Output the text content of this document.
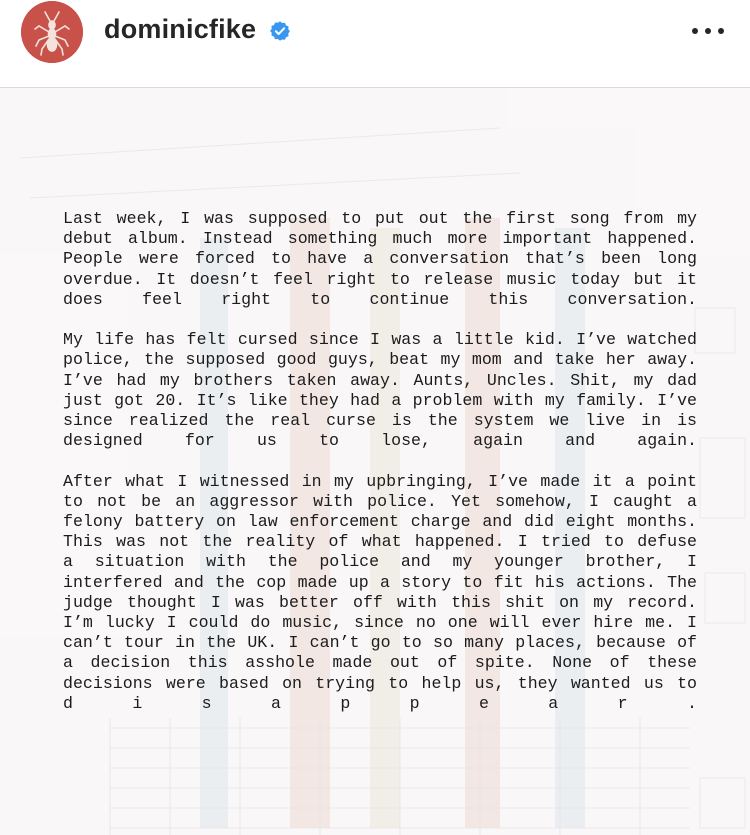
dominicfike
Last week, I was supposed to put out the first song from my
debut album. Instead something much more important happened.
People were forced to have a conversation that’s been long
overdue. It doesn’t feel right to release music today but it
does feel right to continue this conversation.
My life has felt cursed since I was a little kid. I’ve watched
police, the supposed good guys, beat my mom and take her away.
I’ve had my brothers taken away. Aunts, Uncles. Shit, my dad
just got 20. It’s like they had a problem with my family. I’ve
since realized the real curse is the system we live in is
designed for us to lose, again and again.
After what I witnessed in my upbringing, I’ve made it a point
to not be an aggressor with police. Yet somehow, I caught a
felony battery on law enforcement charge and did eight months.
This was not the reality of what happened. I tried to defuse
a situation with the police and my younger brother, I
interfered and the cop made up a story to fit his actions. The
judge thought I was better off with this shit on my record.
I’m lucky I could do music, since no one will ever hire me. I
can’t tour in the UK. I can’t go to so many places, because of
a decision this asshole made out of spite. None of these
decisions were based on trying to help us, they wanted us to
d	i	s	a	p	p	e	a	r	.
